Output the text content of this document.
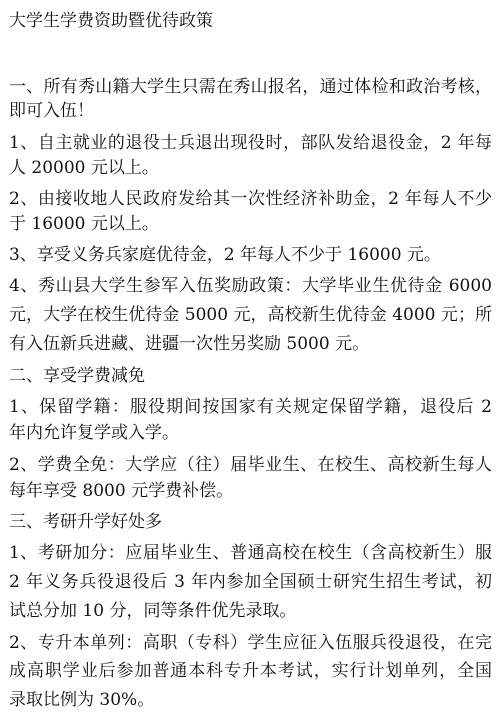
大学生学费资助暨优待政策
一、所有秀山籍大学生只需在秀山报名，通过体检和政治考核，
即可入伍！
1、自主就业的退役士兵退出现役时，部队发给退役金，2 年每
人 20000 元以上。
2、由接收地人民政府发给其一次性经济补助金，2 年每人不少
于 16000 元以上。
3、享受义务兵家庭优待金，2 年每人不少于 16000 元。
4、秀山县大学生参军入伍奖励政策：大学毕业生优待金 6000
元，大学在校生优待金 5000 元，高校新生优待金 4000 元；所
有入伍新兵进藏、进疆一次性另奖励 5000 元。
二、享受学费减免
1、保留学籍：服役期间按国家有关规定保留学籍，退役后 2
年内允许复学或入学。
2、学费全免：大学应（往）届毕业生、在校生、高校新生每人
每年享受 8000 元学费补偿。
三、考研升学好处多
1、考研加分：应届毕业生、普通高校在校生（含高校新生）服
2 年义务兵役退役后 3 年内参加全国硕士研究生招生考试，初
试总分加 10 分，同等条件优先录取。
2、专升本单列：高职（专科）学生应征入伍服兵役退役，在完
成高职学业后参加普通本科专升本考试，实行计划单列，全国
录取比例为 30%。
